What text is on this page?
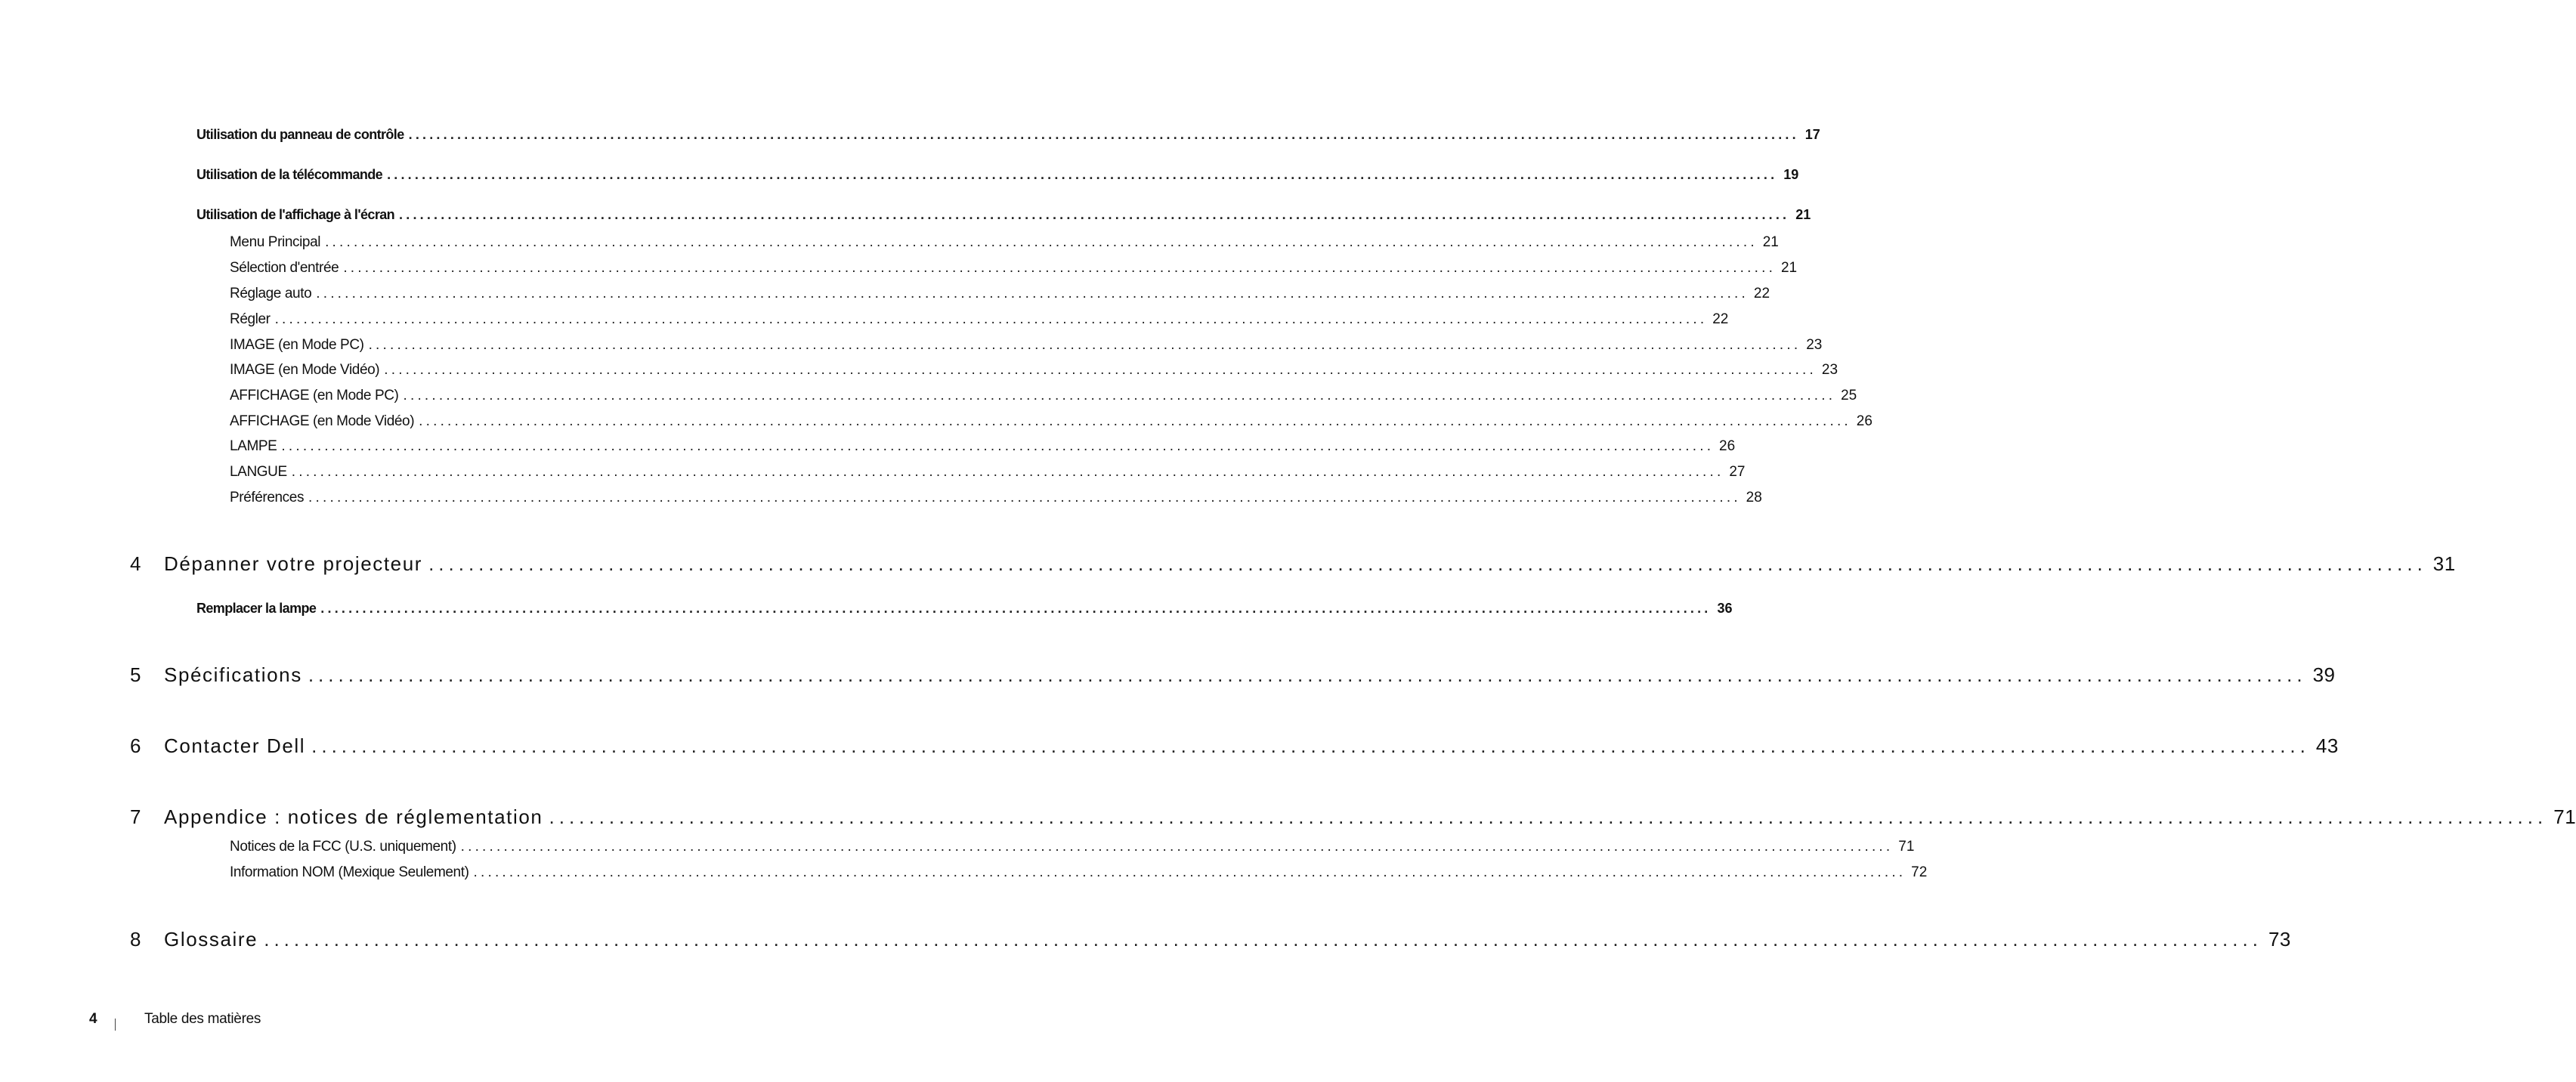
Utilisation du panneau de contrôle ........................................................................................................................................................................................................ 17
Utilisation de la télécommande ........................................................................................................................................................................................................ 19
Utilisation de l'affichage à l'écran ........................................................................................................................................................................................................ 21
Menu Principal ........................................................................................................................................................................................................ 21
Sélection d'entrée ........................................................................................................................................................................................................ 21
Réglage auto ........................................................................................................................................................................................................ 22
Régler ........................................................................................................................................................................................................ 22
IMAGE (en Mode PC) ........................................................................................................................................................................................................ 23
IMAGE (en Mode Vidéo) ........................................................................................................................................................................................................ 23
AFFICHAGE (en Mode PC) ........................................................................................................................................................................................................ 25
AFFICHAGE (en Mode Vidéo) ........................................................................................................................................................................................................ 26
LAMPE ........................................................................................................................................................................................................ 26
LANGUE ........................................................................................................................................................................................................ 27
Préférences ........................................................................................................................................................................................................ 28
4	Dépanner votre projecteur ........................................................................................................................................................................................................ 31
Remplacer la lampe ........................................................................................................................................................................................................ 36
5	Spécifications ........................................................................................................................................................................................................ 39
6	Contacter Dell ........................................................................................................................................................................................................ 43
7	Appendice : notices de réglementation ........................................................................................................................................................................................................ 71
Notices de la FCC (U.S. uniquement) ........................................................................................................................................................................................................ 71
Information NOM (Mexique Seulement) ........................................................................................................................................................................................................ 72
8	Glossaire ........................................................................................................................................................................................................ 73
4	Table des matières
